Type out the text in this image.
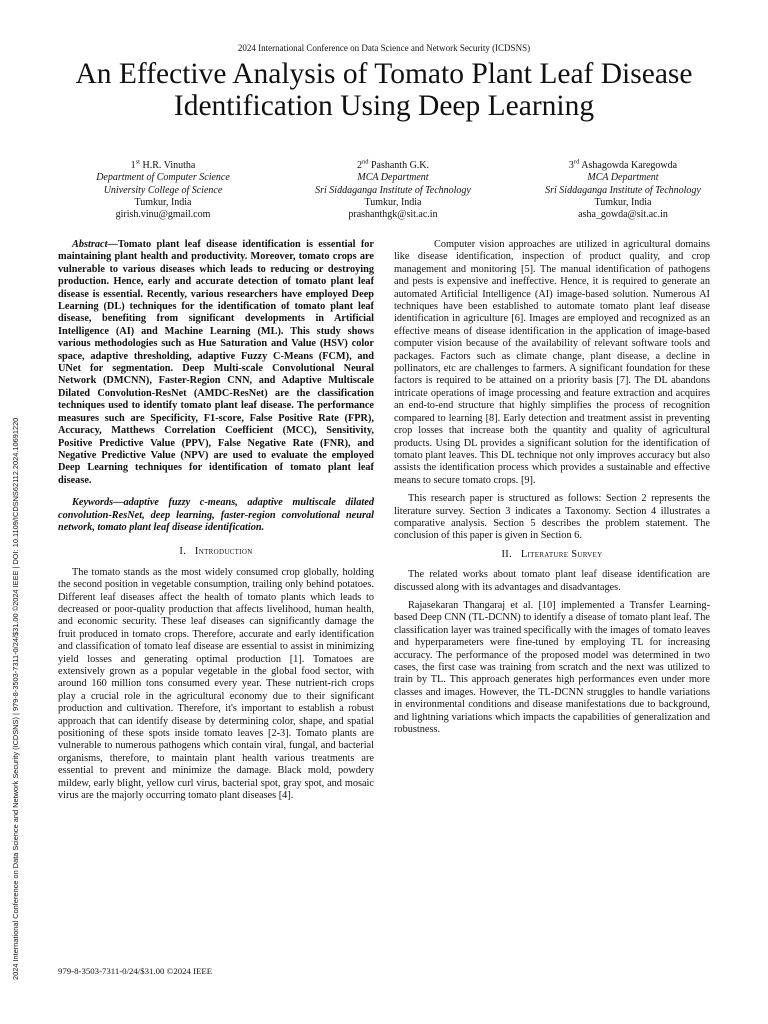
2024 International Conference on Data Science and Network Security (ICDSNS)
An Effective Analysis of Tomato Plant Leaf Disease Identification Using Deep Learning
1st H.R. Vinutha
Department of Computer Science
University College of Science
Tumkur, India
girish.vinu@gmail.com
2nd Pashanth G.K.
MCA Department
Sri Siddaganga Institute of Technology
Tumkur, India
prashanthgk@sit.ac.in
3rd Ashagowda Karegowda
MCA Department
Sri Siddaganga Institute of Technology
Tumkur, India
asha_gowda@sit.ac.in
2024 International Conference on Data Science and Network Security (ICDSNS) | 979-8-3503-7311-0/24/$31.00 ©2024 IEEE | DOI: 10.1109/ICDSNS62112.2024.10691220

Abstract—Tomato plant leaf disease identification is essential for maintaining plant health and productivity. Moreover, tomato crops are vulnerable to various diseases which leads to reducing or destroying production. Hence, early and accurate detection of tomato plant leaf disease is essential. Recently, various researchers have employed Deep Learning (DL) techniques for the identification of tomato plant leaf disease, benefiting from significant developments in Artificial Intelligence (AI) and Machine Learning (ML). This study shows various methodologies such as Hue Saturation and Value (HSV) color space, adaptive thresholding, adaptive Fuzzy C-Means (FCM), and UNet for segmentation. Deep Multi-scale Convolutional Neural Network (DMCNN), Faster-Region CNN, and Adaptive Multiscale Dilated Convolution-ResNet (AMDC-ResNet) are the classification techniques used to identify tomato plant leaf disease. The performance measures such are Specificity, F1-score, False Positive Rate (FPR), Accuracy, Matthews Correlation Coefficient (MCC), Sensitivity, Positive Predictive Value (PPV), False Negative Rate (FNR), and Negative Predictive Value (NPV) are used to evaluate the employed Deep Learning techniques for identification of tomato plant leaf disease.

Keywords—adaptive fuzzy c-means, adaptive multiscale dilated convolution-ResNet, deep learning, faster-region convolutional neural network, tomato plant leaf disease identification.

I. Introduction

The tomato stands as the most widely consumed crop globally, holding the second position in vegetable consumption, trailing only behind potatoes. Different leaf diseases affect the health of tomato plants which leads to decreased or poor-quality production that affects livelihood, human health, and economic security. These leaf diseases can significantly damage the fruit produced in tomato crops. Therefore, accurate and early identification and classification of tomato leaf disease are essential to assist in minimizing yield losses and generating optimal production [1]. Tomatoes are extensively grown as a popular vegetable in the global food sector, with around 160 million tons consumed every year. These nutrient-rich crops play a crucial role in the agricultural economy due to their significant production and cultivation. Therefore, it's important to establish a robust approach that can identify disease by determining color, shape, and spatial positioning of these spots inside tomato leaves [2-3]. Tomato plants are vulnerable to numerous pathogens which contain viral, fungal, and bacterial organisms, therefore, to maintain plant health various treatments are essential to prevent and minimize the damage. Black mold, powdery mildew, early blight, yellow curl virus, bacterial spot, gray spot, and mosaic virus are the majorly occurring tomato plant diseases [4].

Computer vision approaches are utilized in agricultural domains like disease identification, inspection of product quality, and crop management and monitoring [5]. The manual identification of pathogens and pests is expensive and ineffective. Hence, it is required to generate an automated Artificial Intelligence (AI) image-based solution. Numerous AI techniques have been established to automate tomato plant leaf disease identification in agriculture [6]. Images are employed and recognized as an effective means of disease identification in the application of image-based computer vision because of the availability of relevant software tools and packages. Factors such as climate change, plant disease, a decline in pollinators, etc are challenges to farmers. A significant foundation for these factors is required to be attained on a priority basis [7]. The DL abandons intricate operations of image processing and feature extraction and acquires an end-to-end structure that highly simplifies the process of recognition compared to learning [8]. Early detection and treatment assist in preventing crop losses that increase both the quantity and quality of agricultural products. Using DL provides a significant solution for the identification of tomato plant leaves. This DL technique not only improves accuracy but also assists the identification process which provides a sustainable and effective means to secure tomato crops. [9].

This research paper is structured as follows: Section 2 represents the literature survey. Section 3 indicates a Taxonomy. Section 4 illustrates a comparative analysis. Section 5 describes the problem statement. The conclusion of this paper is given in Section 6.

II. Literature Survey

The related works about tomato plant leaf disease identification are discussed along with its advantages and disadvantages.

Rajasekaran Thangaraj et al. [10] implemented a Transfer Learning-based Deep CNN (TL-DCNN) to identify a disease of tomato plant leaf. The classification layer was trained specifically with the images of tomato leaves and hyperparameters were fine-tuned by employing TL for increasing accuracy. The performance of the proposed model was determined in two cases, the first case was training from scratch and the next was utilized to train by TL. This approach generates high performances even under more classes and images. However, the TL-DCNN struggles to handle variations in environmental conditions and disease manifestations due to background, and lightning variations which impacts the capabilities of generalization and robustness.

979-8-3503-7311-0/24/$31.00 ©2024 IEEE
